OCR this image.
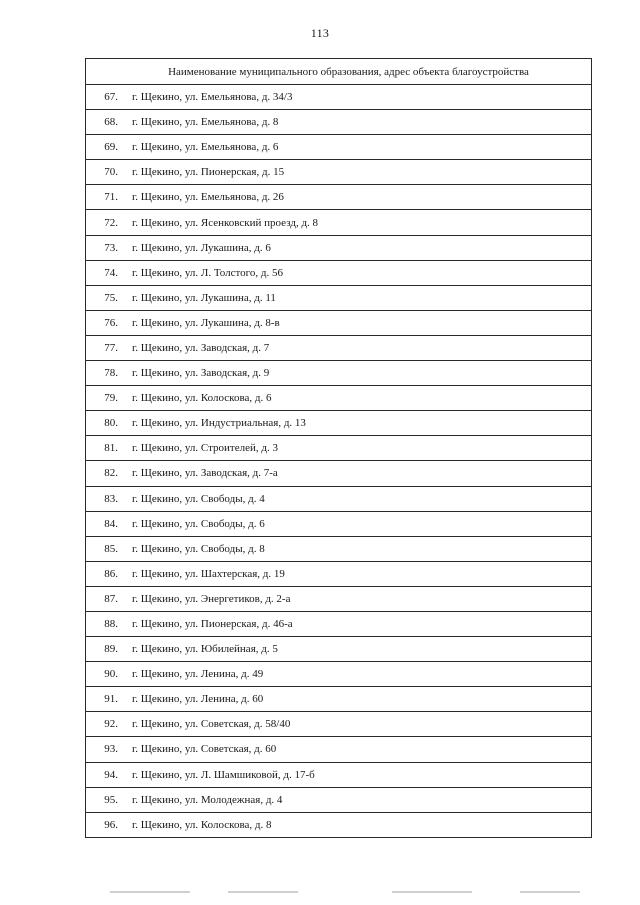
113
Наименование муниципального образования, адрес объекта благоустройства
67.	г. Щекино, ул. Емельянова, д. 34/3
68.	г. Щекино, ул. Емельянова, д. 8
69.	г. Щекино, ул. Емельянова, д. 6
70.	г. Щекино, ул. Пионерская, д. 15
71.	г. Щекино, ул. Емельянова, д. 26
72.	г. Щекино, ул. Ясенковский проезд, д. 8
73.	г. Щекино, ул. Лукашина, д. 6
74.	г. Щекино, ул. Л. Толстого, д. 56
75.	г. Щекино, ул. Лукашина, д. 11
76.	г. Щекино, ул. Лукашина, д. 8-в
77.	г. Щекино, ул. Заводская, д. 7
78.	г. Щекино, ул. Заводская, д. 9
79.	г. Щекино, ул. Колоскова, д. 6
80.	г. Щекино, ул. Индустриальная, д. 13
81.	г. Щекино, ул. Строителей, д. 3
82.	г. Щекино, ул. Заводская, д. 7-а
83.	г. Щекино, ул. Свободы, д. 4
84.	г. Щекино, ул. Свободы, д. 6
85.	г. Щекино, ул. Свободы, д. 8
86.	г. Щекино, ул. Шахтерская, д. 19
87.	г. Щекино, ул. Энергетиков, д. 2-а
88.	г. Щекино, ул. Пионерская, д. 46-а
89.	г. Щекино, ул. Юбилейная, д. 5
90.	г. Щекино, ул. Ленина, д. 49
91.	г. Щекино, ул. Ленина, д. 60
92.	г. Щекино, ул. Советская, д. 58/40
93.	г. Щекино, ул. Советская, д. 60
94.	г. Щекино, ул. Л. Шамшиковой, д. 17-б
95.	г. Щекино, ул. Молодежная, д. 4
96.	г. Щекино, ул. Колоскова, д. 8
